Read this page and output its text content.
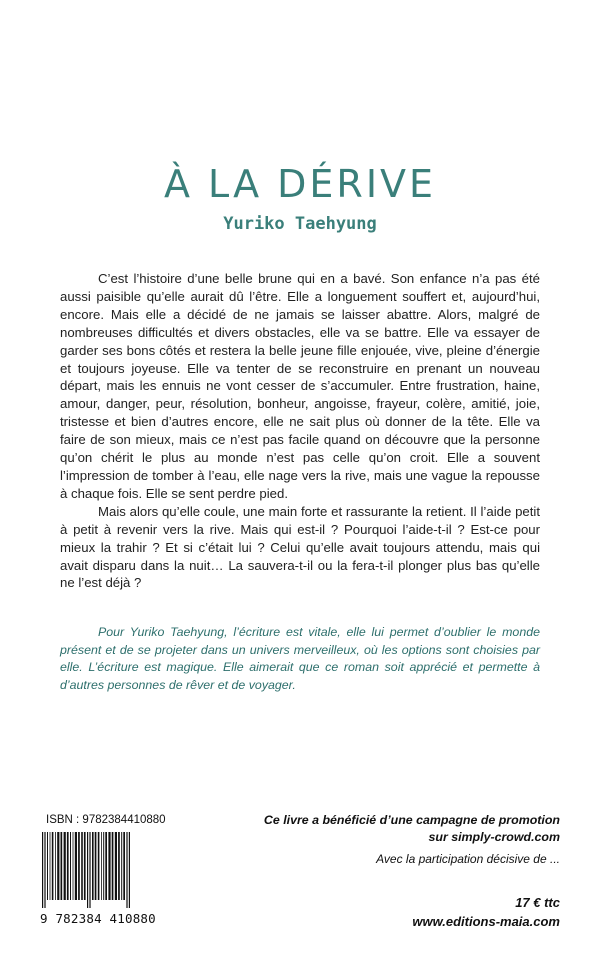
À LA DÉRIVE
Yuriko Taehyung

C’est l’histoire d’une belle brune qui en a bavé. Son enfance n’a pas été aussi paisible qu’elle aurait dû l’être. Elle a longuement souffert et, aujourd’hui, encore. Mais elle a décidé de ne jamais se laisser abattre. Alors, malgré de nombreuses difficultés et divers obstacles, elle va se battre. Elle va essayer de garder ses bons côtés et restera la belle jeune fille enjouée, vive, pleine d’énergie et toujours joyeuse. Elle va tenter de se reconstruire en prenant un nouveau départ, mais les ennuis ne vont cesser de s’accumuler. Entre frustration, haine, amour, danger, peur, résolution, bonheur, angoisse, frayeur, colère, amitié, joie, tristesse et bien d’autres encore, elle ne sait plus où donner de la tête. Elle va faire de son mieux, mais ce n’est pas facile quand on découvre que la personne qu’on chérit le plus au monde n’est pas celle qu’on croit. Elle a souvent l’impression de tomber à l’eau, elle nage vers la rive, mais une vague la repousse à chaque fois. Elle se sent perdre pied.

Mais alors qu’elle coule, une main forte et rassurante la retient. Il l’aide petit à petit à revenir vers la rive. Mais qui est-il ? Pourquoi l’aide-t-il ? Est-ce pour mieux la trahir ? Et si c’était lui ? Celui qu’elle avait toujours attendu, mais qui avait disparu dans la nuit… La sauvera-t-il ou la fera-t-il plonger plus bas qu’elle ne l’est déjà ?

Pour Yuriko Taehyung, l’écriture est vitale, elle lui permet d’oublier le monde présent et de se projeter dans un univers merveilleux, où les options sont choisies par elle. L’écriture est magique. Elle aimerait que ce roman soit apprécié et permette à d’autres personnes de rêver et de voyager.
ISBN : 9782384410880
9 782384 410880
Ce livre a bénéficié d’une campagne de promotion
sur simply-crowd.com
Avec la participation décisive de ...
17 € ttc
www.editions-maia.com
